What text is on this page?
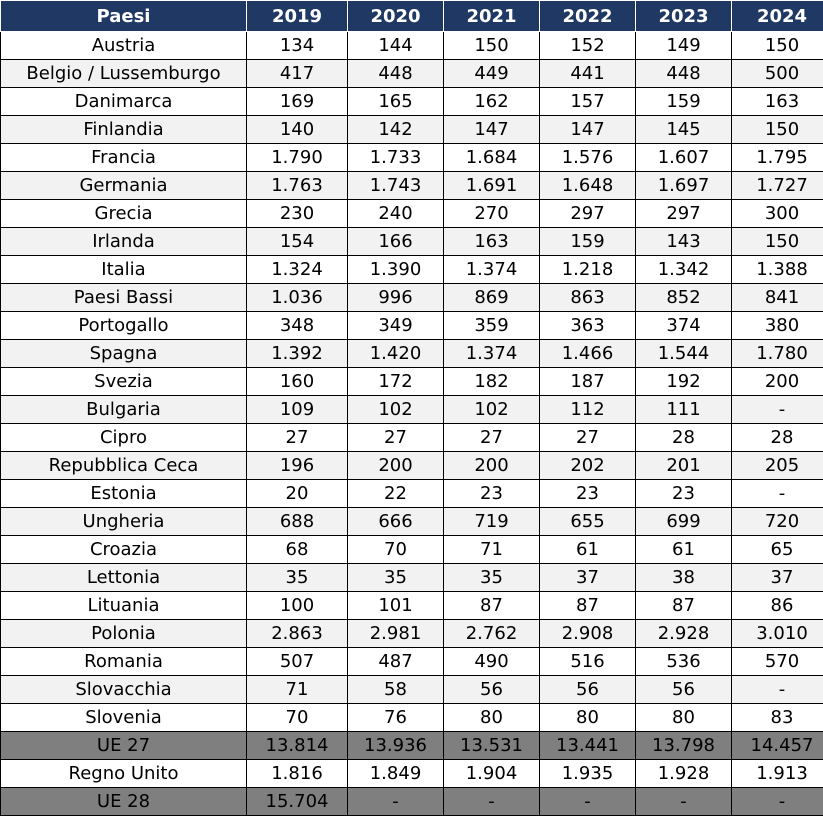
Paesi	2019	2020	2021	2022	2023	2024
Austria	134	144	150	152	149	150
Belgio / Lussemburgo	417	448	449	441	448	500
Danimarca	169	165	162	157	159	163
Finlandia	140	142	147	147	145	150
Francia	1.790	1.733	1.684	1.576	1.607	1.795
Germania	1.763	1.743	1.691	1.648	1.697	1.727
Grecia	230	240	270	297	297	300
Irlanda	154	166	163	159	143	150
Italia	1.324	1.390	1.374	1.218	1.342	1.388
Paesi Bassi	1.036	996	869	863	852	841
Portogallo	348	349	359	363	374	380
Spagna	1.392	1.420	1.374	1.466	1.544	1.780
Svezia	160	172	182	187	192	200
Bulgaria	109	102	102	112	111	-
Cipro	27	27	27	27	28	28
Repubblica Ceca	196	200	200	202	201	205
Estonia	20	22	23	23	23	-
Ungheria	688	666	719	655	699	720
Croazia	68	70	71	61	61	65
Lettonia	35	35	35	37	38	37
Lituania	100	101	87	87	87	86
Polonia	2.863	2.981	2.762	2.908	2.928	3.010
Romania	507	487	490	516	536	570
Slovacchia	71	58	56	56	56	-
Slovenia	70	76	80	80	80	83
UE 27	13.814	13.936	13.531	13.441	13.798	14.457
Regno Unito	1.816	1.849	1.904	1.935	1.928	1.913
UE 28	15.704	-	-	-	-	-
